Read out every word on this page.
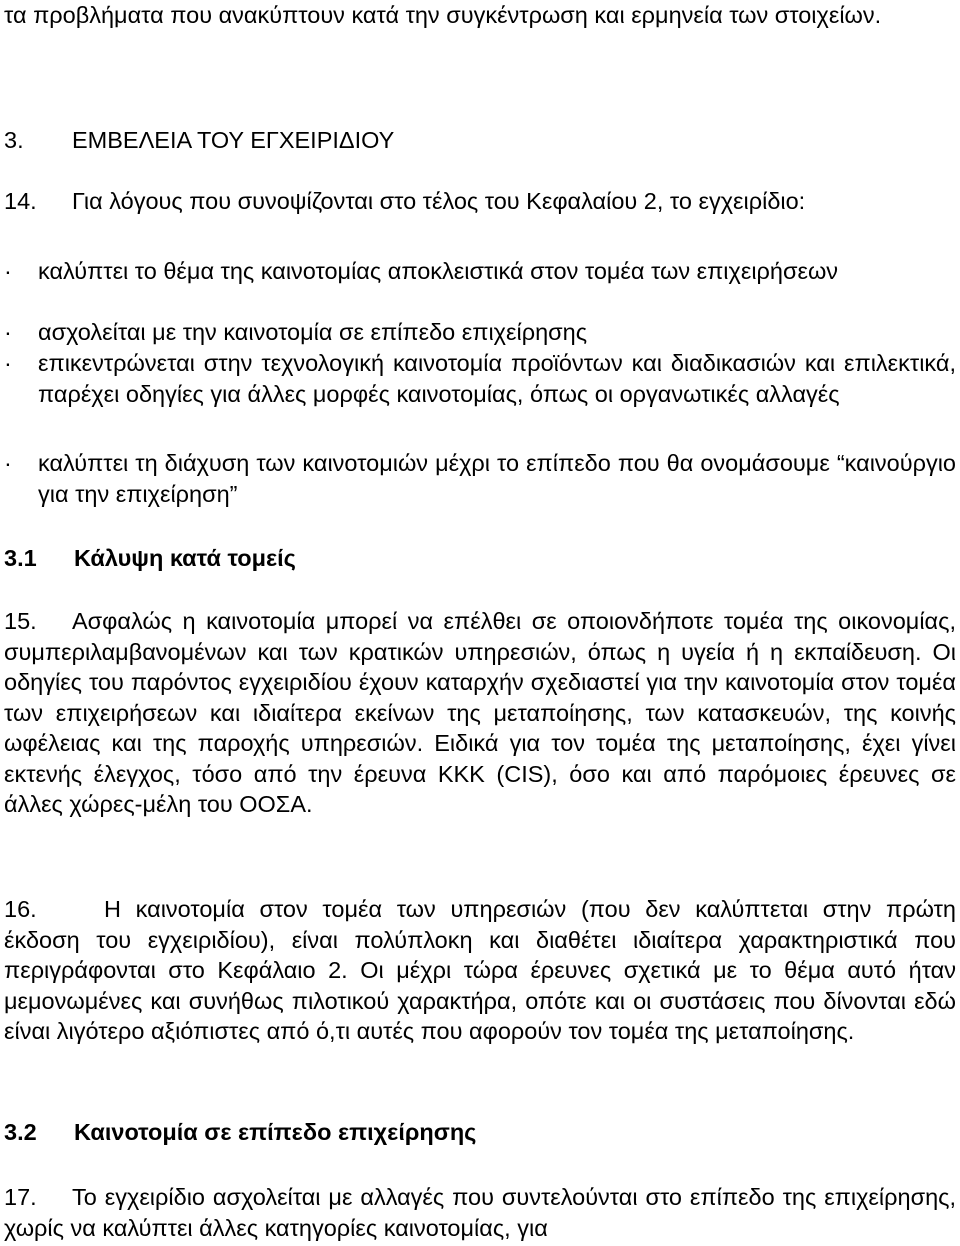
τα προβλήματα που ανακύπτουν κατά την συγκέντρωση και ερμηνεία των στοιχείων.

3. ΕΜΒΕΛΕΙΑ ΤΟΥ ΕΓΧΕΙΡΙΔΙΟΥ
14. Για λόγους που συνοψίζονται στο τέλος του Κεφαλαίου 2, το εγχειρίδιο:
· καλύπτει το θέμα της καινοτομίας αποκλειστικά στον τομέα των επιχειρήσεων
· ασχολείται με την καινοτομία σε επίπεδο επιχείρησης
· επικεντρώνεται στην τεχνολογική καινοτομία προϊόντων και διαδικασιών και επιλεκτικά, παρέχει οδηγίες για άλλες μορφές καινοτομίας, όπως οι οργανωτικές αλλαγές
· καλύπτει τη διάχυση των καινοτομιών μέχρι το επίπεδο που θα ονομάσουμε “καινούργιο για την επιχείρηση”
3.1 Κάλυψη κατά τομείς

15. Ασφαλώς η καινοτομία μπορεί να επέλθει σε οποιονδήποτε τομέα της οικονομίας, συμπεριλαμβανομένων και των κρατικών υπηρεσιών, όπως η υγεία ή η εκπαίδευση. Οι οδηγίες του παρόντος εγχειριδίου έχουν καταρχήν σχεδιαστεί για την καινοτομία στον τομέα των επιχειρήσεων και ιδιαίτερα εκείνων της μεταποίησης, των κατασκευών, της κοινής ωφέλειας και της παροχής υπηρεσιών. Ειδικά για τον τομέα της μεταποίησης, έχει γίνει εκτενής έλεγχος, τόσο από την έρευνα ΚΚΚ (CIS), όσο και από παρόμοιες έρευνες σε άλλες χώρες-μέλη του ΟΟΣΑ.

16.	Η καινοτομία στον τομέα των υπηρεσιών (που δεν καλύπτεται στην πρώτη έκδοση του εγχειριδίου), είναι πολύπλοκη και διαθέτει ιδιαίτερα χαρακτηριστικά που περιγράφονται στο Κεφάλαιο 2. Οι μέχρι τώρα έρευνες σχετικά με το θέμα αυτό ήταν μεμονωμένες και συνήθως πιλοτικού χαρακτήρα, οπότε και οι συστάσεις που δίνονται εδώ είναι λιγότερο αξιόπιστες από ό,τι αυτές που αφορούν τον τομέα της μεταποίησης.

3.2 Καινοτομία σε επίπεδο επιχείρησης

17. Το εγχειρίδιο ασχολείται με αλλαγές που συντελούνται στο επίπεδο της επιχείρησης, χωρίς να καλύπτει άλλες κατηγορίες καινοτομίας, για
